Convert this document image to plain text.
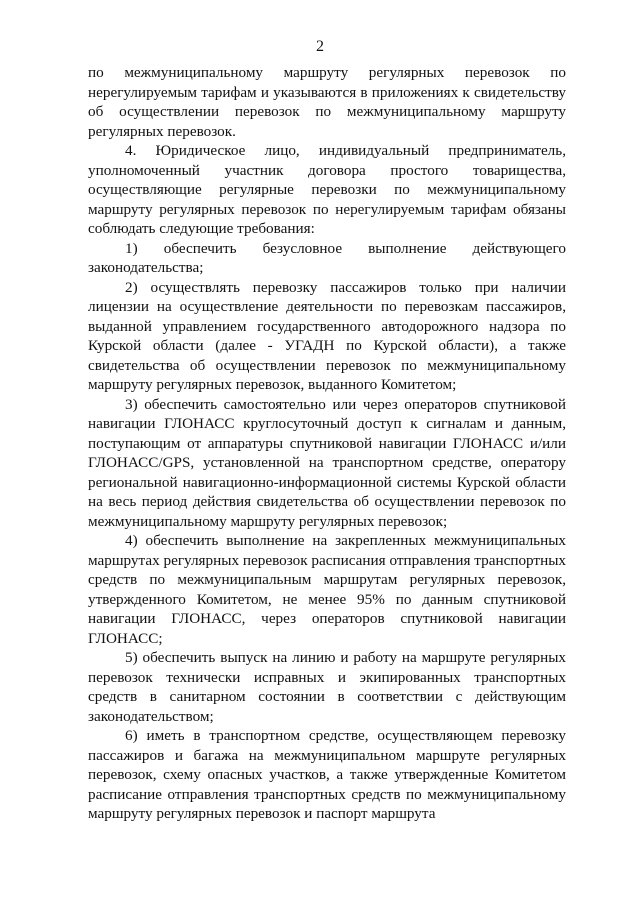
2

по межмуниципальному маршруту регулярных перевозок по нерегулируемым тарифам и указываются в приложениях к свидетельству об осуществлении перевозок по межмуниципальному маршруту регулярных перевозок.

4. Юридическое лицо, индивидуальный предприниматель, уполномоченный участник договора простого товарищества, осуществляющие регулярные перевозки по межмуниципальному маршруту регулярных перевозок по нерегулируемым тарифам обязаны соблюдать следующие требования:

1) обеспечить безусловное выполнение действующего законодательства;

2) осуществлять перевозку пассажиров только при наличии лицензии на осуществление деятельности по перевозкам пассажиров, выданной управлением государственного автодорожного надзора по Курской области (далее - УГАДН по Курской области), а также свидетельства об осуществлении перевозок по межмуниципальному маршруту регулярных перевозок, выданного Комитетом;

3) обеспечить самостоятельно или через операторов спутниковой навигации ГЛОНАСС круглосуточный доступ к сигналам и данным, поступающим от аппаратуры спутниковой навигации ГЛОНАСС и/или ГЛОНАСС/GPS, установленной на транспортном средстве, оператору региональной навигационно-информационной системы Курской области на весь период действия свидетельства об осуществлении перевозок по межмуниципальному маршруту регулярных перевозок;

4) обеспечить выполнение на закрепленных межмуниципальных маршрутах регулярных перевозок расписания отправления транспортных средств по межмуниципальным маршрутам регулярных перевозок, утвержденного Комитетом, не менее 95% по данным спутниковой навигации ГЛОНАСС, через операторов спутниковой навигации ГЛОНАСС;

5) обеспечить выпуск на линию и работу на маршруте регулярных перевозок технически исправных и экипированных транспортных средств в санитарном состоянии в соответствии с действующим законодательством;

6) иметь в транспортном средстве, осуществляющем перевозку пассажиров и багажа на межмуниципальном маршруте регулярных перевозок, схему опасных участков, а также утвержденные Комитетом расписание отправления транспортных средств по межмуниципальному маршруту регулярных перевозок и паспорт маршрута
